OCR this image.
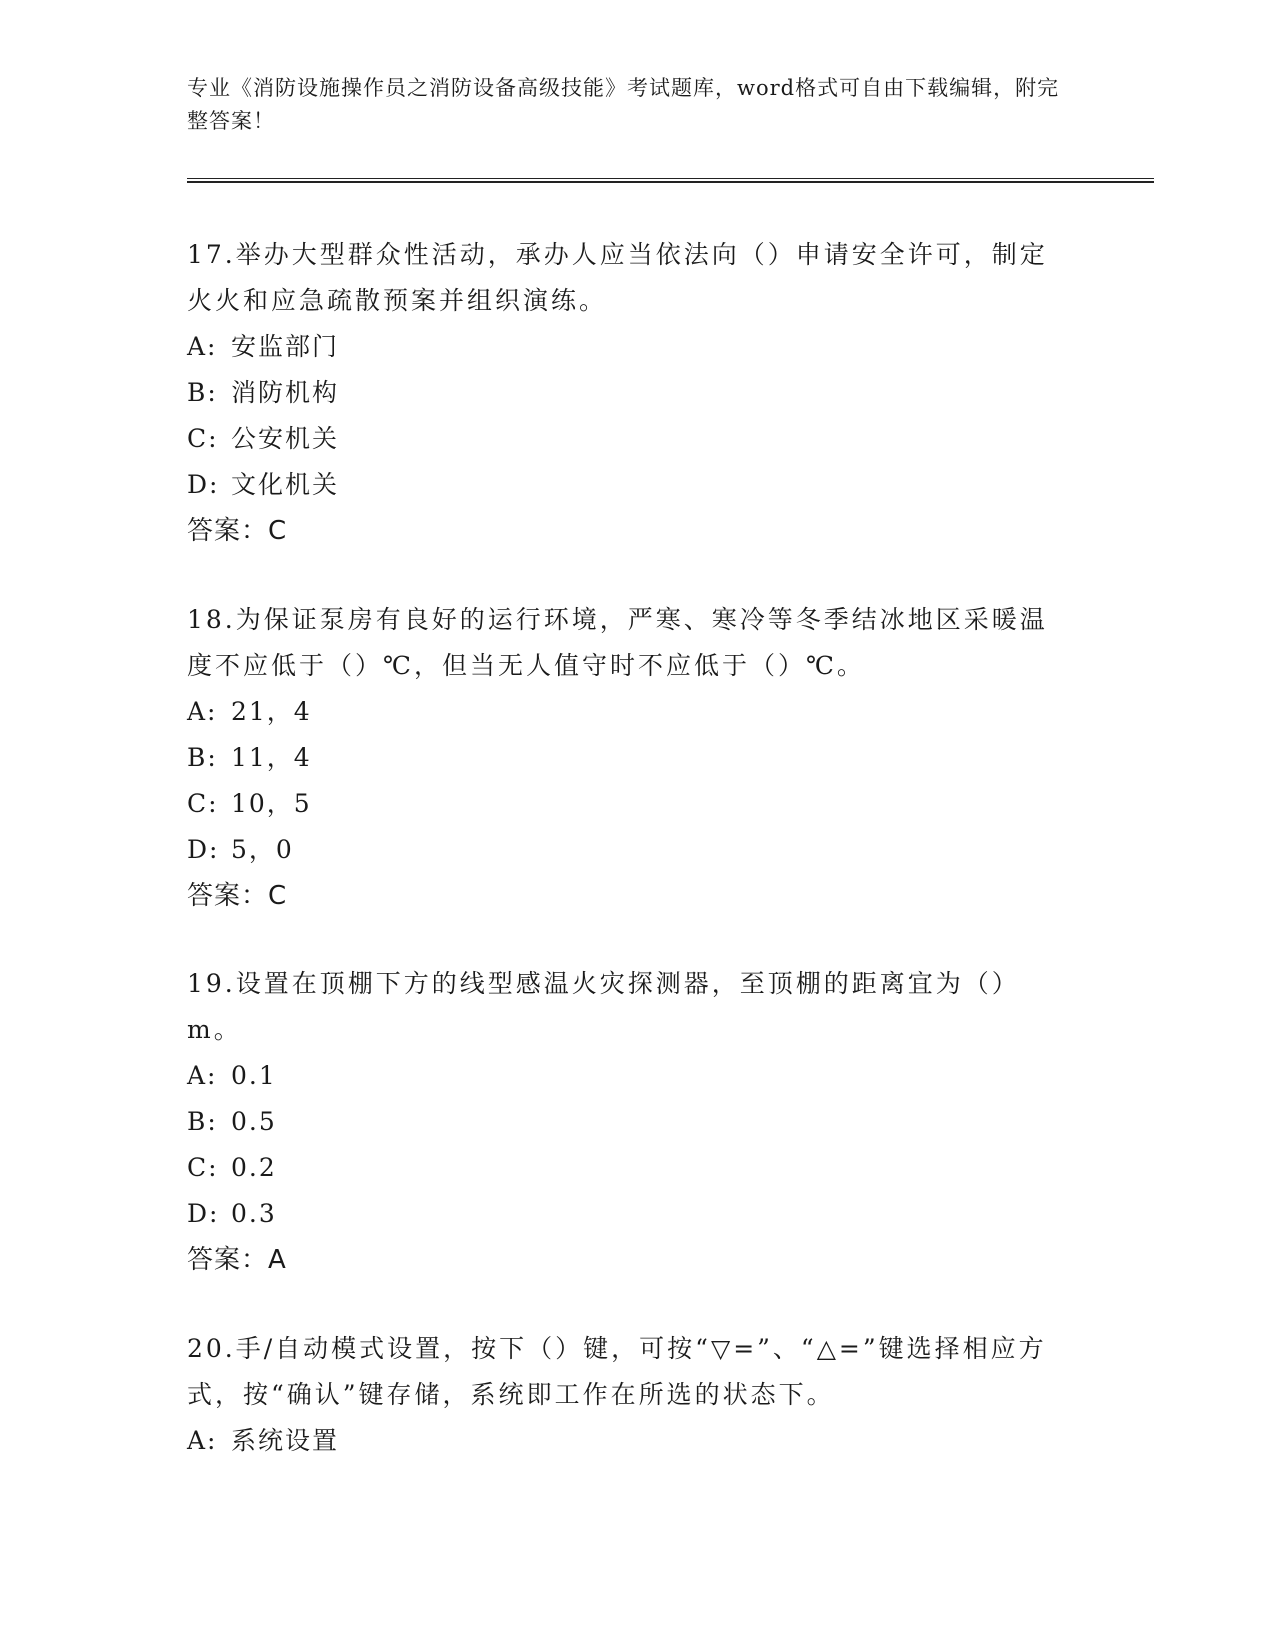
专业《消防设施操作员之消防设备高级技能》考试题库，word格式可自由下载编辑，附完整答案！

17.举办大型群众性活动，承办人应当依法向（）申请安全许可，制定火火和应急疏散预案并组织演练。

A: 安监部门

B: 消防机构

C: 公安机关

D: 文化机关

答案：C

18.为保证泵房有良好的运行环境，严寒、寒冷等冬季结冰地区采暖温度不应低于（）℃，但当无人值守时不应低于（）℃。

A: 21，4

B: 11，4

C: 10，5

D: 5，0

答案：C

19.设置在顶棚下方的线型感温火灾探测器，至顶棚的距离宜为（）m。

A: 0.1

B: 0.5

C: 0.2

D: 0.3

答案：A

20.手/自动模式设置，按下（）键，可按“▽=”、“△=”键选择相应方式，按“确认”键存储，系统即工作在所选的状态下。

A: 系统设置
